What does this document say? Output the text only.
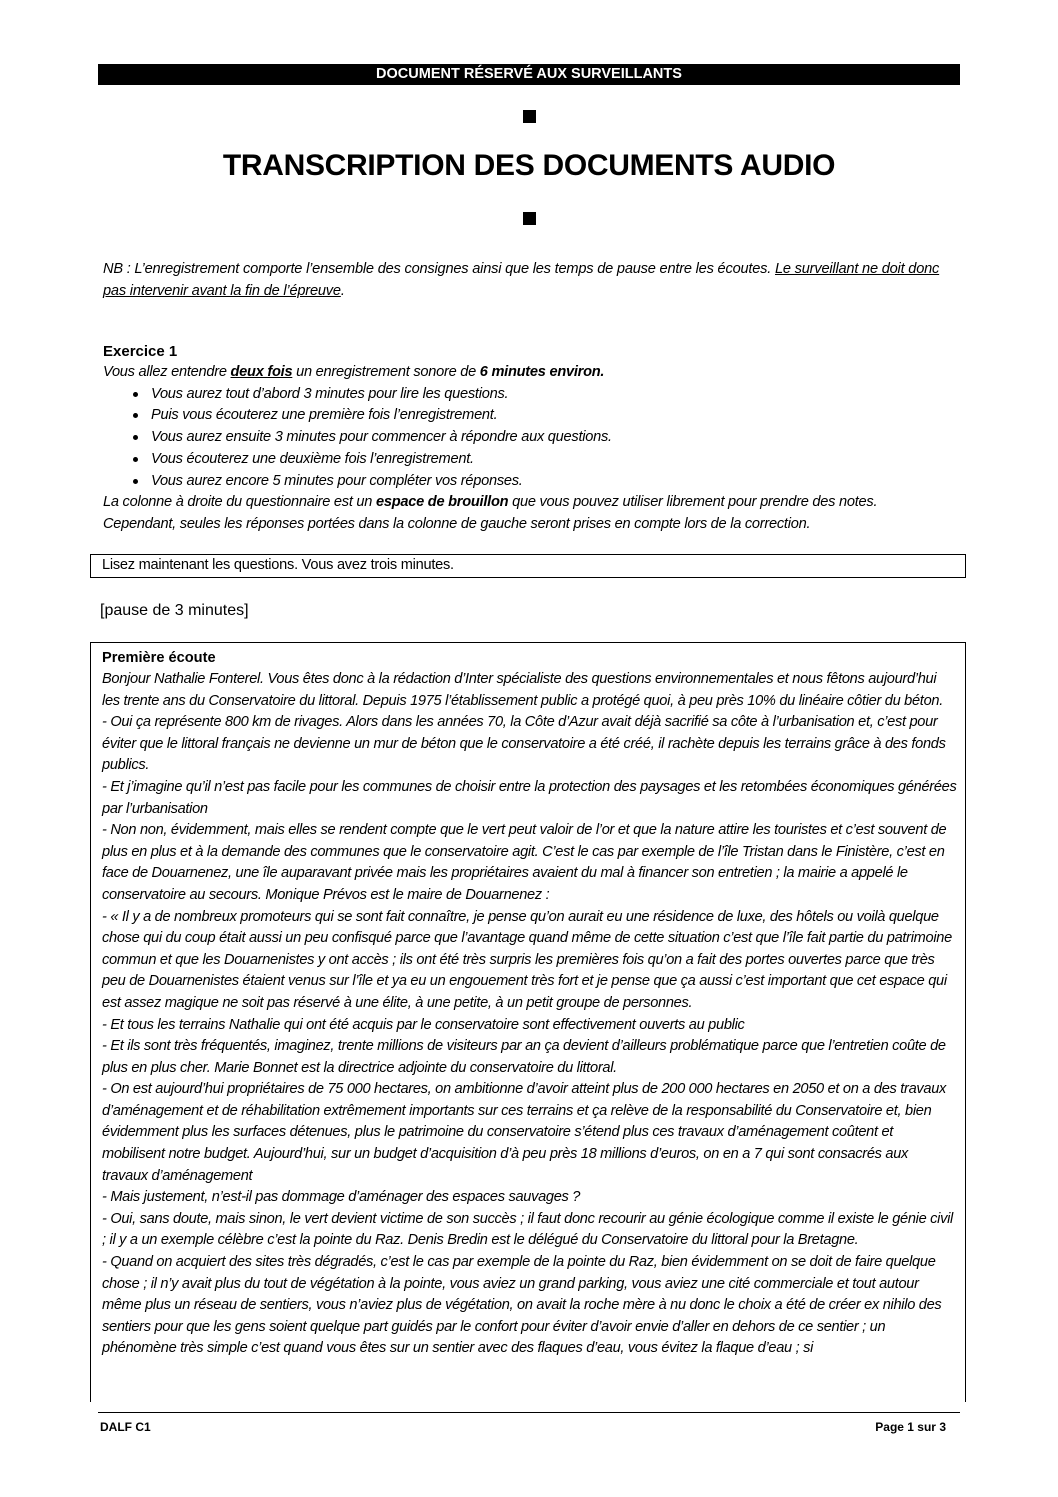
DOCUMENT RÉSERVÉ AUX SURVEILLANTS
TRANSCRIPTION DES DOCUMENTS AUDIO
NB : L’enregistrement comporte l’ensemble des consignes ainsi que les temps de pause entre les écoutes. Le surveillant ne doit donc pas intervenir avant la fin de l’épreuve.
Exercice 1

Vous allez entendre deux fois un enregistrement sonore de 6 minutes environ.

Vous aurez tout d’abord 3 minutes pour lire les questions.
Puis vous écouterez une première fois l’enregistrement.
Vous aurez ensuite 3 minutes pour commencer à répondre aux questions.
Vous écouterez une deuxième fois l’enregistrement.
Vous aurez encore 5 minutes pour compléter vos réponses.

La colonne à droite du questionnaire est un espace de brouillon que vous pouvez utiliser librement pour prendre des notes.

Cependant, seules les réponses portées dans la colonne de gauche seront prises en compte lors de la correction.

Lisez maintenant les questions. Vous avez trois minutes.
[pause de 3 minutes]
Première écoute

Bonjour Nathalie Fonterel. Vous êtes donc à la rédaction d’Inter spécialiste des questions environnementales et nous fêtons aujourd’hui les trente ans du Conservatoire du littoral. Depuis 1975 l’établissement public a protégé quoi, à peu près 10% du linéaire côtier du béton.

- Oui ça représente 800 km de rivages. Alors dans les années 70, la Côte d’Azur avait déjà sacrifié sa côte à l’urbanisation et, c’est pour éviter que le littoral français ne devienne un mur de béton que le conservatoire a été créé, il rachète depuis les terrains grâce à des fonds publics.

- Et j’imagine qu’il n’est pas facile pour les communes de choisir entre la protection des paysages et les retombées économiques générées par l’urbanisation

- Non non, évidemment, mais elles se rendent compte que le vert peut valoir de l’or et que la nature attire les touristes et c’est souvent de plus en plus et à la demande des communes que le conservatoire agit. C’est le cas par exemple de l’île Tristan dans le Finistère, c’est en face de Douarnenez, une île auparavant privée mais les propriétaires avaient du mal à financer son entretien ; la mairie a appelé le conservatoire au secours. Monique Prévos est le maire de Douarnenez :

- « Il y a de nombreux promoteurs qui se sont fait connaître, je pense qu’on aurait eu une résidence de luxe, des hôtels ou voilà quelque chose qui du coup était aussi un peu confisqué parce que l’avantage quand même de cette situation c’est que l’île fait partie du patrimoine commun et que les Douarnenistes y ont accès ; ils ont été très surpris les premières fois qu’on a fait des portes ouvertes parce que très peu de Douarnenistes étaient venus sur l’île et ya eu un engouement très fort et je pense que ça aussi c’est important que cet espace qui est assez magique ne soit pas réservé à une élite, à une petite, à un petit groupe de personnes.

- Et tous les terrains Nathalie qui ont été acquis par le conservatoire sont effectivement ouverts au public

- Et ils sont très fréquentés, imaginez, trente millions de visiteurs par an ça devient d’ailleurs problématique parce que l’entretien coûte de plus en plus cher. Marie Bonnet est la directrice adjointe du conservatoire du littoral.

- On est aujourd’hui propriétaires de 75 000 hectares, on ambitionne d’avoir atteint plus de 200 000 hectares en 2050 et on a des travaux d’aménagement et de réhabilitation extrêmement importants sur ces terrains et ça relève de la responsabilité du Conservatoire et, bien évidemment plus les surfaces détenues, plus le patrimoine du conservatoire s’étend plus ces travaux d’aménagement coûtent et mobilisent notre budget. Aujourd’hui, sur un budget d’acquisition d’à peu près 18 millions d’euros, on en a 7 qui sont consacrés aux travaux d’aménagement

- Mais justement, n’est-il pas dommage d’aménager des espaces sauvages ?

- Oui, sans doute, mais sinon, le vert devient victime de son succès ; il faut donc recourir au génie écologique comme il existe le génie civil ; il y a un exemple célèbre c’est la pointe du Raz. Denis Bredin est le délégué du Conservatoire du littoral pour la Bretagne.

- Quand on acquiert des sites très dégradés, c’est le cas par exemple de la pointe du Raz, bien évidemment on se doit de faire quelque chose ; il n’y avait plus du tout de végétation à la pointe, vous aviez un grand parking, vous aviez une cité commerciale et tout autour même plus un réseau de sentiers, vous n’aviez plus de végétation, on avait la roche mère à nu donc le choix a été de créer ex nihilo des sentiers pour que les gens soient quelque part guidés par le confort pour éviter d’avoir envie d’aller en dehors de ce sentier ; un phénomène très simple c’est quand vous êtes sur un sentier avec des flaques d’eau, vous évitez la flaque d’eau ; si

DALF C1	Page 1 sur 3
